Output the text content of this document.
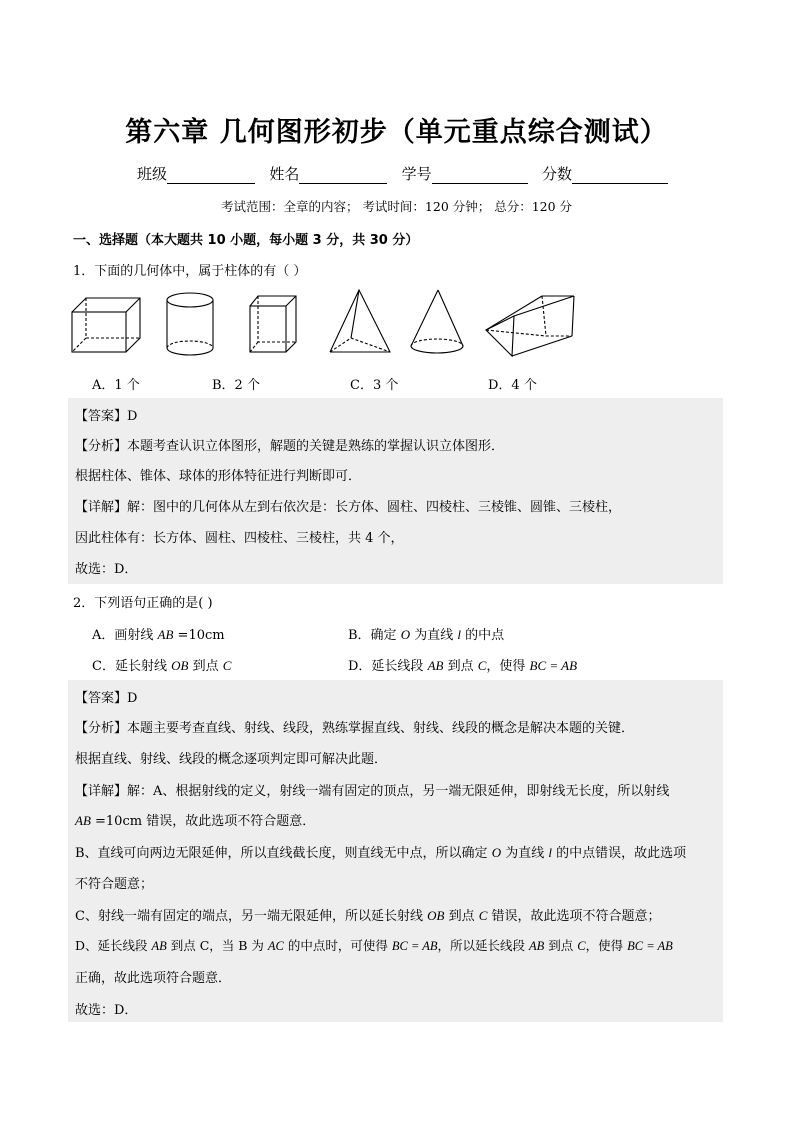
第六章 几何图形初步（单元重点综合测试）
班级	姓名	学号	分数
考试范围：全章的内容； 考试时间：120 分钟； 总分：120 分
一、选择题（本大题共 10 小题，每小题 3 分，共 30 分）
1．下面的几何体中，属于柱体的有（ ）
A．1 个	B．2 个	C．3 个	D．4 个
【答案】D
【分析】本题考查认识立体图形，解题的关键是熟练的掌握认识立体图形．
根据柱体、锥体、球体的形体特征进行判断即可．
【详解】解：图中的几何体从左到右依次是：长方体、圆柱、四棱柱、三棱锥、圆锥、三棱柱，
因此柱体有：长方体、圆柱、四棱柱、三棱柱，共 4 个，
故选：D．
2．下列语句正确的是( )
A．画射线 AB =10cm	B．确定 O 为直线 l 的中点
C．延长射线 OB 到点 C	D．延长线段 AB 到点 C，使得 BC = AB
【答案】D
【分析】本题主要考查直线、射线、线段，熟练掌握直线、射线、线段的概念是解决本题的关键．
根据直线、射线、线段的概念逐项判定即可解决此题．
【详解】解：A、根据射线的定义，射线一端有固定的顶点，另一端无限延伸，即射线无长度，所以射线
AB =10cm 错误，故此选项不符合题意．
B、直线可向两边无限延伸，所以直线截长度，则直线无中点，所以确定 O 为直线 l 的中点错误，故此选项
不符合题意；
C、射线一端有固定的端点，另一端无限延伸，所以延长射线 OB 到点 C 错误，故此选项不符合题意；
D、延长线段 AB 到点 C，当 B 为 AC 的中点时，可使得 BC = AB，所以延长线段 AB 到点 C，使得 BC = AB
正确，故此选项符合题意．
故选：D．
